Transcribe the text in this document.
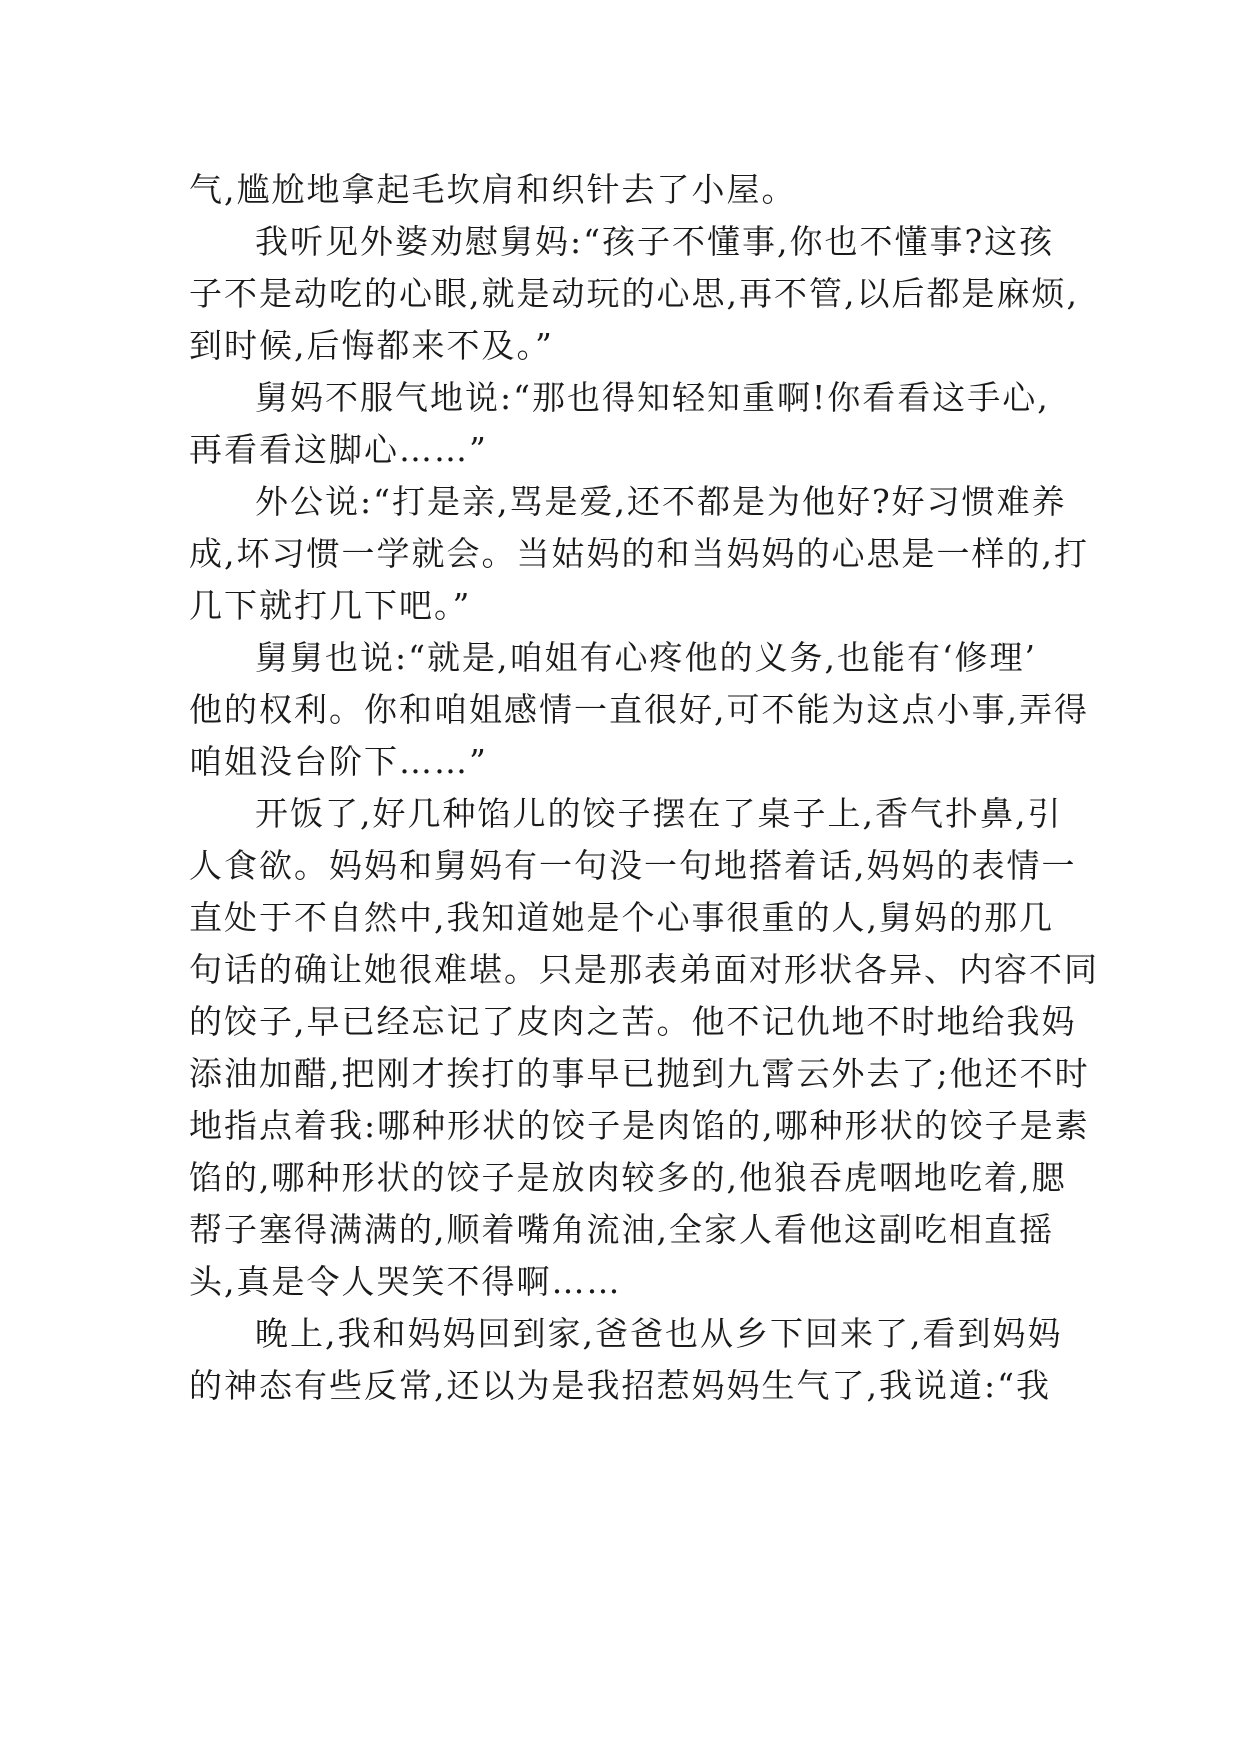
气,尴尬地拿起毛坎肩和织针去了小屋。
我听见外婆劝慰舅妈:“孩子不懂事,你也不懂事?这孩
子不是动吃的心眼,就是动玩的心思,再不管,以后都是麻烦,
到时候,后悔都来不及。”
舅妈不服气地说:“那也得知轻知重啊!你看看这手心,
再看看这脚心……”
外公说:“打是亲,骂是爱,还不都是为他好?好习惯难养
成,坏习惯一学就会。当姑妈的和当妈妈的心思是一样的,打
几下就打几下吧。”
舅舅也说:“就是,咱姐有心疼他的义务,也能有‘修理’
他的权利。你和咱姐感情一直很好,可不能为这点小事,弄得
咱姐没台阶下……”
开饭了,好几种馅儿的饺子摆在了桌子上,香气扑鼻,引
人食欲。妈妈和舅妈有一句没一句地搭着话,妈妈的表情一
直处于不自然中,我知道她是个心事很重的人,舅妈的那几
句话的确让她很难堪。只是那表弟面对形状各异、内容不同
的饺子,早已经忘记了皮肉之苦。他不记仇地不时地给我妈
添油加醋,把刚才挨打的事早已抛到九霄云外去了;他还不时
地指点着我:哪种形状的饺子是肉馅的,哪种形状的饺子是素
馅的,哪种形状的饺子是放肉较多的,他狼吞虎咽地吃着,腮
帮子塞得满满的,顺着嘴角流油,全家人看他这副吃相直摇
头,真是令人哭笑不得啊……
晚上,我和妈妈回到家,爸爸也从乡下回来了,看到妈妈
的神态有些反常,还以为是我招惹妈妈生气了,我说道:“我
